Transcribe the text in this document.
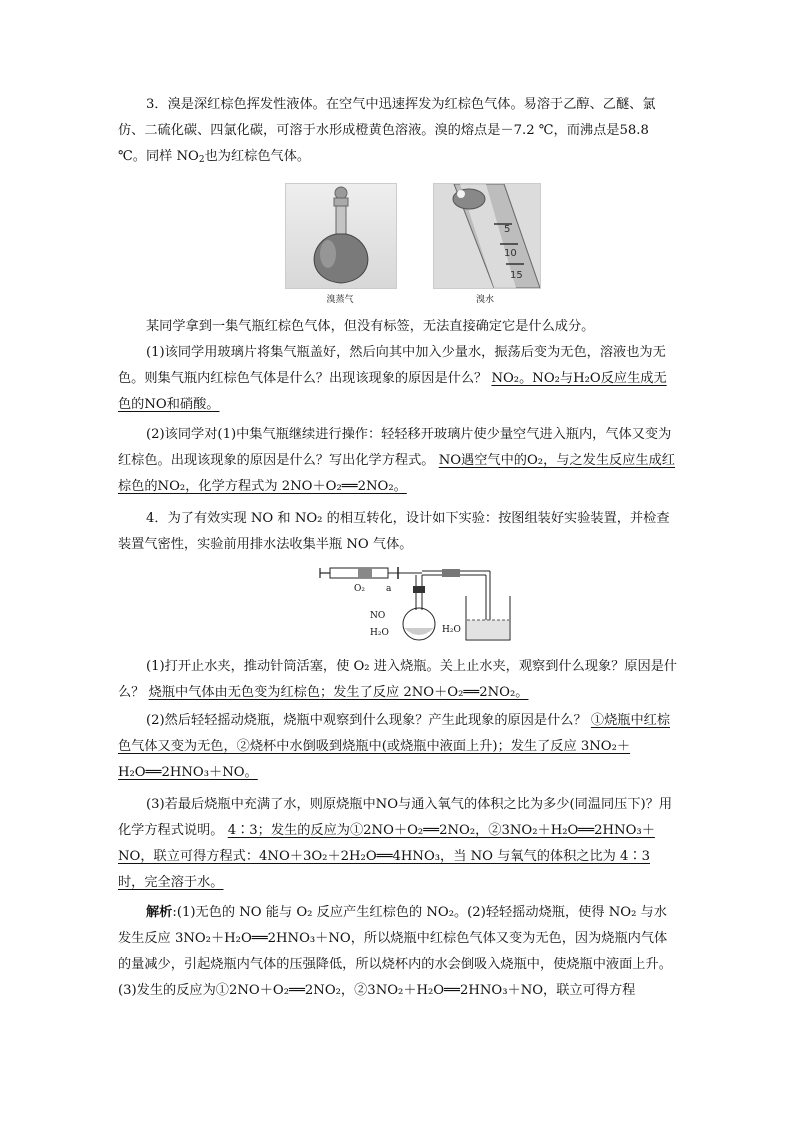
3．溴是深红棕色挥发性液体。在空气中迅速挥发为红棕色气体。易溶于乙醇、乙醚、氯仿、二硫化碳、四氯化碳，可溶于水形成橙黄色溶液。溴的熔点是－7.2 ℃，而沸点是58.8 ℃。同样 $NO_2$也为红棕色气体。

溴蒸气
5
10
15
溴水

某同学拿到一集气瓶红棕色气体，但没有标签，无法直接确定它是什么成分。

(1)该同学用玻璃片将集气瓶盖好，然后向其中加入少量水，振荡后变为无色，溶液也为无色。则集气瓶内红棕色气体是什么？出现该现象的原因是什么？ NO₂。NO₂与H₂O反应生成无色的NO和硝酸。

(2)该同学对(1)中集气瓶继续进行操作：轻轻移开玻璃片使少量空气进入瓶内，气体又变为红棕色。出现该现象的原因是什么？写出化学方程式。 NO遇空气中的O₂，与之发生反应生成红棕色的NO₂，化学方程式为 2NO＋O₂══2NO₂。

4．为了有效实现 NO 和 NO₂ 的相互转化，设计如下实验：按图组装好实验装置，并检查装置气密性，实验前用排水法收集半瓶 NO 气体。

O₂ a
NO
H₂O	H₂O

(1)打开止水夹，推动针筒活塞，使 O₂ 进入烧瓶。关上止水夹，观察到什么现象？原因是什么？ 烧瓶中气体由无色变为红棕色；发生了反应 2NO＋O₂══2NO₂。

(2)然后轻轻摇动烧瓶，烧瓶中观察到什么现象？产生此现象的原因是什么？ ①烧瓶中红棕色气体又变为无色，②烧杯中水倒吸到烧瓶中(或烧瓶中液面上升)；发生了反应 3NO₂＋H₂O══2HNO₃＋NO。

(3)若最后烧瓶中充满了水，则原烧瓶中NO与通入氧气的体积之比为多少(同温同压下)？用化学方程式说明。 4∶3；发生的反应为①2NO＋O₂══2NO₂，②3NO₂＋H₂O══2HNO₃＋NO，联立可得方程式：4NO＋3O₂＋2H₂O══4HNO₃，当 NO 与氧气的体积之比为 4∶3 时，完全溶于水。

解析:(1)无色的 NO 能与 O₂ 反应产生红棕色的 NO₂。(2)轻轻摇动烧瓶，使得 NO₂ 与水发生反应 3NO₂＋H₂O══2HNO₃＋NO，所以烧瓶中红棕色气体又变为无色，因为烧瓶内气体的量减少，引起烧瓶内气体的压强降低，所以烧杯内的水会倒吸入烧瓶中，使烧瓶中液面上升。(3)发生的反应为①2NO＋O₂══2NO₂，②3NO₂＋H₂O══2HNO₃＋NO，联立可得方程
